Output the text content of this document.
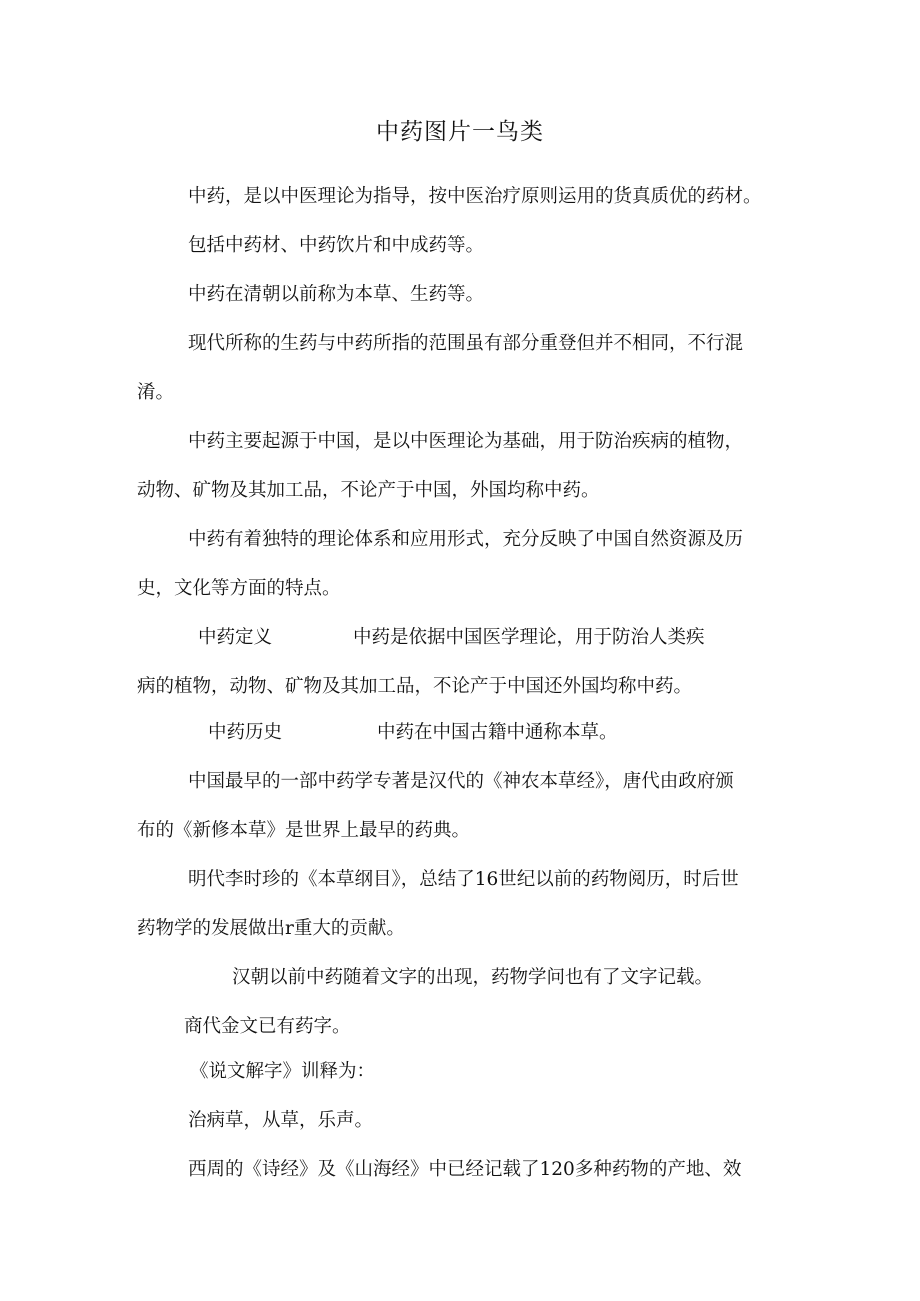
中药图片一鸟类
中药，是以中医理论为指导，按中医治疗原则运用的货真质优的药材。
包括中药材、中药饮片和中成药等。
中药在清朝以前称为本草、生药等。
现代所称的生药与中药所指的范围虽有部分重登但并不相同，不行混
淆。
中药主要起源于中国，是以中医理论为基础，用于防治疾病的植物，
动物、矿物及其加工品，不论产于中国，外国均称中药。
中药有着独特的理论体系和应用形式，充分反映了中国自然资源及历
史，文化等方面的特点。
中药定义	中药是依据中国医学理论，用于防治人类疾
病的植物，动物、矿物及其加工品，不论产于中国还外国均称中药。
中药历史	中药在中国古籍中通称本草。
中国最早的一部中药学专著是汉代的《神农本草经》，唐代由政府颁
布的《新修本草》是世界上最早的药典。
明代李时珍的《本草纲目》，总结了16世纪以前的药物阅历，时后世
药物学的发展做出r重大的贡献。
汉朝以前中药随着文字的出现，药物学问也有了文字记载。
商代金文已有药字。
《说文解字》训释为：
治病草，从草，乐声。
西周的《诗经》及《山海经》中已经记载了120多种药物的产地、效
